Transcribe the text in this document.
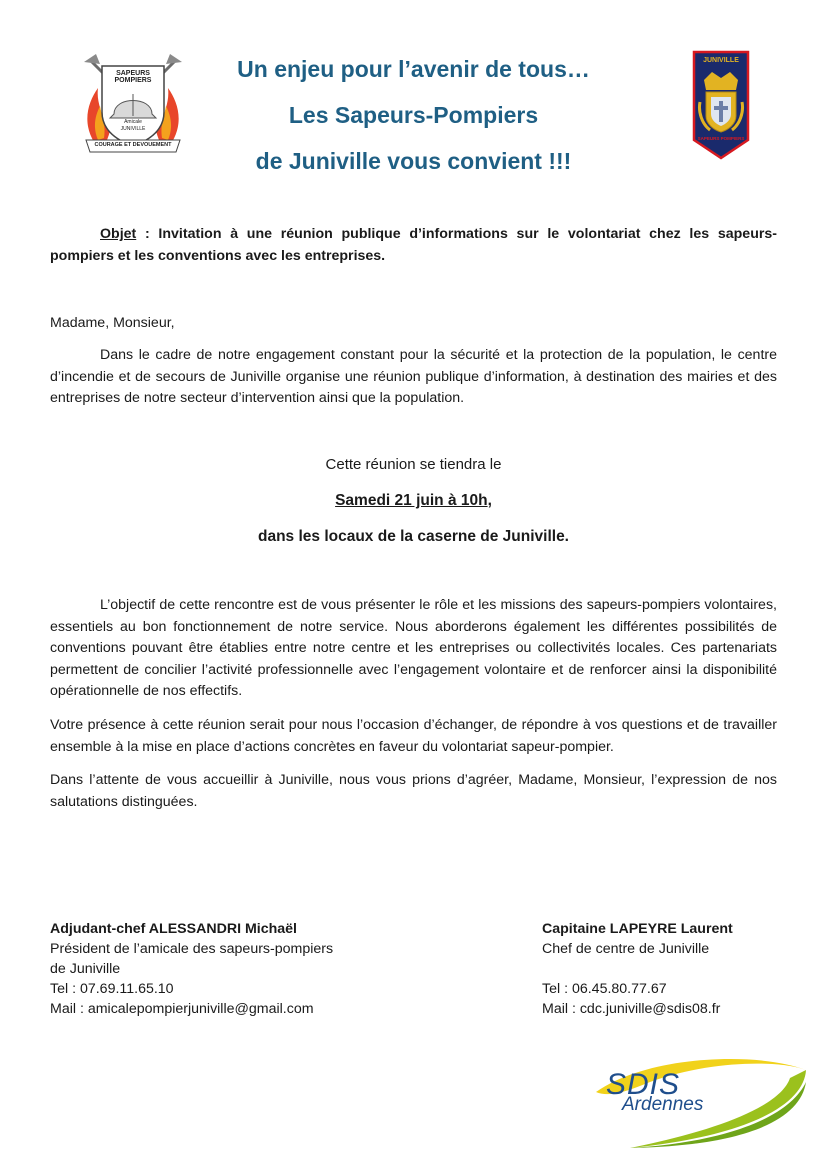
SAPEURS POMPIERS
Amicale
JUNIVILLE
COURAGE ET DEVOUEMENT
Un enjeu pour l’avenir de tous…
Les Sapeurs-Pompiers
de Juniville vous convient !!!
JUNIVILLE
SAPEURS POMPIERS

Objet : Invitation à une réunion publique d’informations sur le volontariat chez les sapeurs-pompiers et les conventions avec les entreprises.

Madame, Monsieur,

Dans le cadre de notre engagement constant pour la sécurité et la protection de la population, le centre d’incendie et de secours de Juniville organise une réunion publique d’information, à destination des mairies et des entreprises de notre secteur d’intervention ainsi que la population.

Cette réunion se tiendra le
Samedi 21 juin à 10h,
dans les locaux de la caserne de Juniville.

L’objectif de cette rencontre est de vous présenter le rôle et les missions des sapeurs-pompiers volontaires, essentiels au bon fonctionnement de notre service. Nous aborderons également les différentes possibilités de conventions pouvant être établies entre notre centre et les entreprises ou collectivités locales. Ces partenariats permettent de concilier l’activité professionnelle avec l’engagement volontaire et de renforcer ainsi la disponibilité opérationnelle de nos effectifs.

Votre présence à cette réunion serait pour nous l’occasion d’échanger, de répondre à vos questions et de travailler ensemble à la mise en place d’actions concrètes en faveur du volontariat sapeur-pompier.

Dans l’attente de vous accueillir à Juniville, nous vous prions d’agréer, Madame, Monsieur, l’expression de nos salutations distinguées.

Adjudant-chef ALESSANDRI Michaël
Président de l’amicale des sapeurs-pompiers
de Juniville
Tel : 07.69.11.65.10
Mail : amicalepompierjuniville@gmail.com
Capitaine LAPEYRE Laurent
Chef de centre de Juniville
Tel : 06.45.80.77.67
Mail : cdc.juniville@sdis08.fr
SDIS
Ardennes
